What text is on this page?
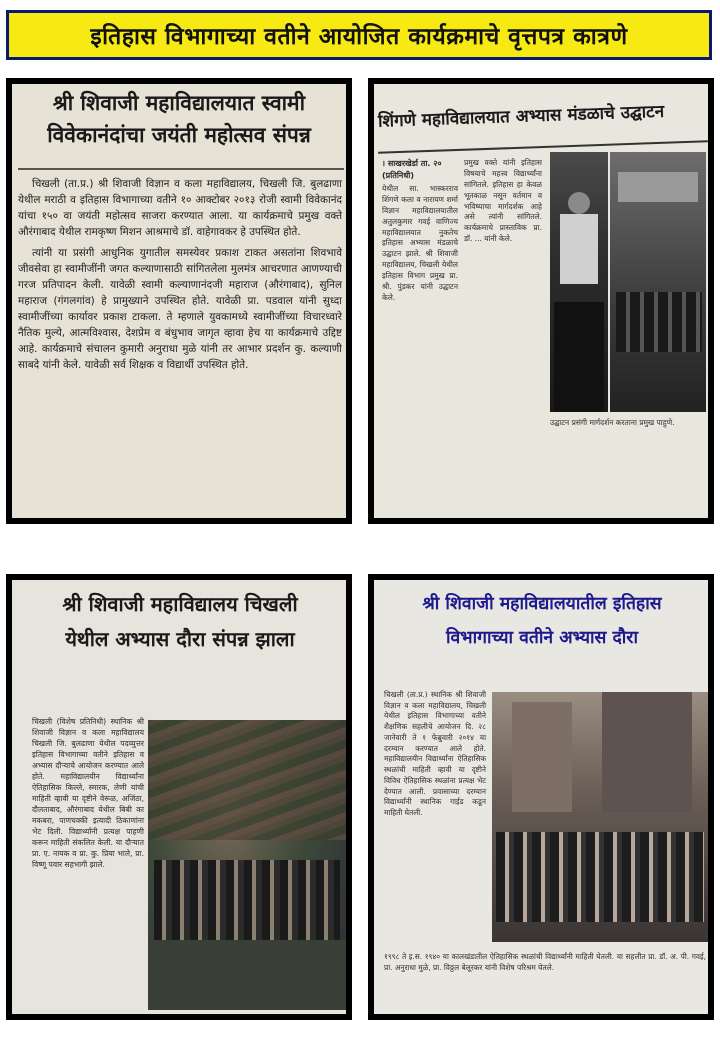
इतिहास विभागाच्या वतीने आयोजित कार्यक्रमाचे वृत्तपत्र कात्रणे
श्री शिवाजी महाविद्यालयात स्वामी
विवेकानंदांचा जयंती महोत्सव संपन्न

चिखली (ता.प्र.) श्री शिवाजी विज्ञान व कला महाविद्यालय, चिखली जि. बुलढाणा येथील मराठी व इतिहास विभागाच्या वतीने १० आक्टोबर २०१३ रोजी स्वामी विवेकानंद यांचा १५० वा जयंती महोत्सव साजरा करण्यात आला. या कार्यक्रमाचे प्रमुख वक्ते औरंगाबाद येथील रामकृष्ण मिशन आश्रमाचे डॉ. वाहेगावकर हे उपस्थित होते.

त्यांनी या प्रसंगी आधुनिक युगातील समस्येवर प्रकाश टाकत असतांना शिवभावे जीवसेवा हा स्वामीजींनी जगत कल्याणासाठी सांगितलेला मुलमंत्र आचरणात आणण्याची गरज प्रतिपादन केली. यावेळी स्वामी कल्याणानंदजी महाराज (औरंगाबाद), सुनिल महाराज (गंगलगांव) हे प्रामुख्याने उपस्थित होते. यावेळी प्रा. पडवाल यांनी सुध्दा स्वामीजींच्या कार्यावर प्रकाश टाकला. ते म्हणाले युवकामध्ये स्वामीजींच्या विचारध्वारे नैतिक मुल्ये, आत्मविश्वास, देशप्रेम व बंधुभाव जागृत व्हावा हेच या कार्यक्रमाचे उद्दिष्ट आहे. कार्यक्रमाचे संचालन कुमारी अनुराधा मुळे यांनी तर आभार प्रदर्शन कु. कल्याणी साबदे यांनी केले. यावेळी सर्व शिक्षक व विद्यार्थी उपस्थित होते.

शिंगणे महाविद्यालयात अभ्यास मंडळाचे उद्घाटन
। साखरखेर्डा ता. २० (प्रतिनिधी)
येथील सा. भास्करराव शिंगणे कला व नारायण शर्मा विज्ञान महाविद्यालयातील अतुलकुमार गवई वाणिज्य महाविद्यालयात नुकतेच इतिहास अभ्यास मंडळाचे उद्घाटन झाले. श्री शिवाजी महाविद्यालय, चिखली येथील इतिहास विभाग प्रमुख प्रा. श्री. पुंडकर यांनी उद्घाटन केले.
प्रमुख वक्ते यांनी इतिहास विषयाचे महत्त्व विद्यार्थ्यांना सांगितले. इतिहास हा केवळ भूतकाळ नसून वर्तमान व भविष्याचा मार्गदर्शक आहे असे त्यांनी सांगितले. कार्यक्रमाचे प्रास्ताविक प्रा. डॉ. ... यांनी केले.
उद्घाटन प्रसंगी मार्गदर्शन करताना प्रमुख पाहुणे.
श्री शिवाजी महाविद्यालय चिखली
येथील अभ्यास दौरा संपन्न झाला
चिखली (विशेष प्रतिनिधी) स्थानिक श्री शिवाजी विज्ञान व कला महाविद्यालय चिखली जि. बुलढाणा येथील पदव्युत्तर इतिहास विभागाच्या वतीने इतिहास व अभ्यास दौऱ्याचे आयोजन करण्यात आले होते. महाविद्यालयीन विद्यार्थ्यांना ऐतिहासिक किल्ले, स्मारक, लेणी यांची माहिती व्हावी या दृष्टीने वेरूळ, अजिंठा, दौलताबाद, औरंगाबाद येथील बिबी का मकबरा, पाणचक्की इत्यादी ठिकाणांना भेट दिली. विद्यार्थ्यांनी प्रत्यक्ष पाहणी करून माहिती संकलित केली. या दौऱ्यात प्रा. ए. नायक व प्रा. कु. प्रिया भाले, प्रा. विष्णू पवार सहभागी झाले.
श्री शिवाजी महाविद्यालयातील इतिहास
विभागाच्या वतीने अभ्यास दौरा
चिखली (ता.प्र.) स्थानिक श्री शिवाजी विज्ञान व कला महाविद्यालय, चिखली येथील इतिहास विभागाच्या वतीने शैक्षणिक सहलीचे आयोजन दि. २८ जानेवारी ते १ फेब्रुवारी २०१४ या दरम्यान करण्यात आले होते. महाविद्यालयीन विद्यार्थ्यांना ऐतिहासिक स्थळांची माहिती व्हावी या दृष्टीने विविध ऐतिहासिक स्थळांना प्रत्यक्ष भेट देण्यात आली. प्रवासाच्या दरम्यान विद्यार्थ्यांनी स्थानिक गाईड कडून माहिती घेतली.
१९९८ ते इ.स. १९४० या कालखंडातील ऐतिहासिक स्थळांची विद्यार्थ्यांनी माहिती घेतली. या सहलीत प्रा. डॉ. अ. पी. गवई, प्रा. अनुराधा मुळे, प्रा. विठ्ठल बेलूरकर यांनी विशेष परिश्रम घेतले.
